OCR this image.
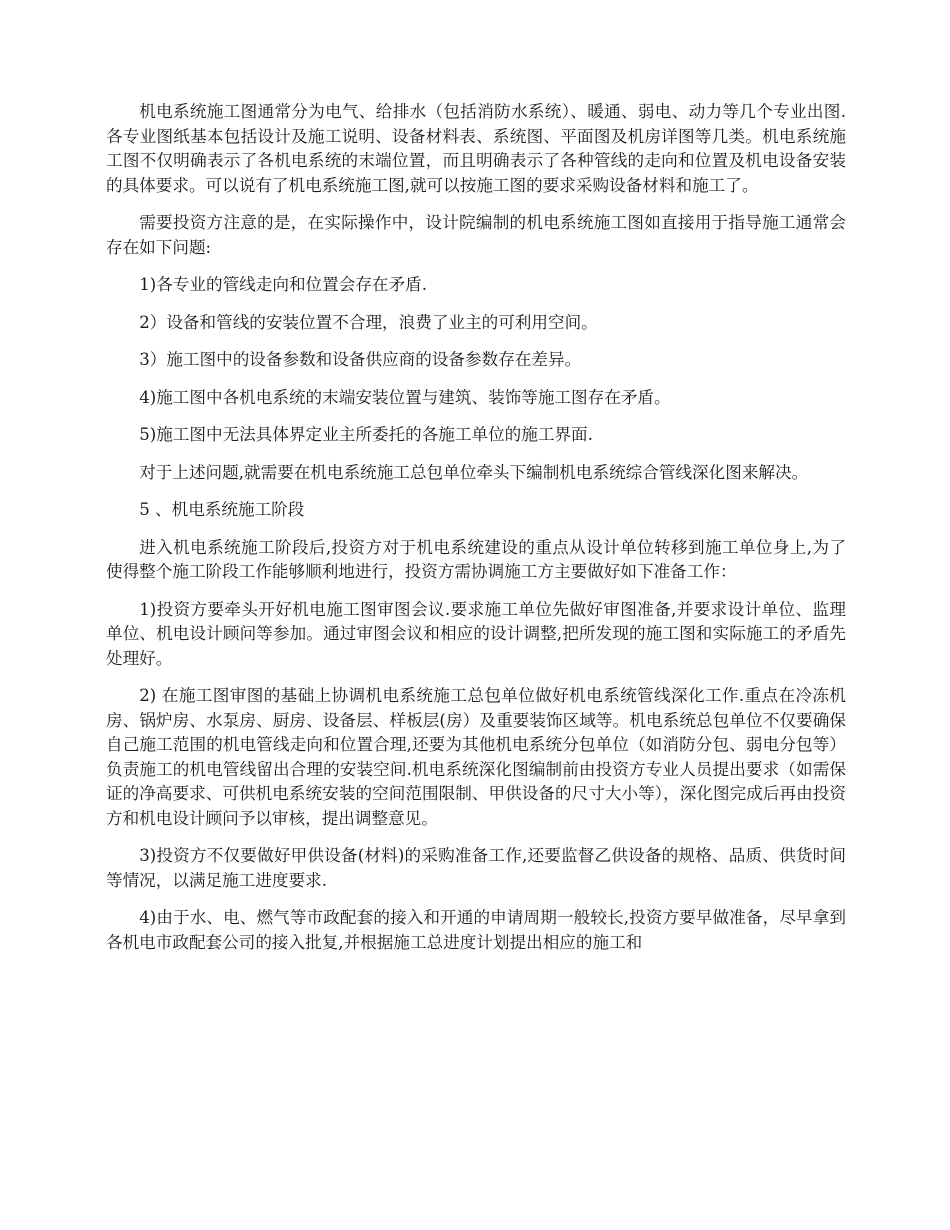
机电系统施工图通常分为电气、给排水（包括消防水系统）、暖通、弱电、动力等几个专业出图.各专业图纸基本包括设计及施工说明、设备材料表、系统图、平面图及机房详图等几类。机电系统施工图不仅明确表示了各机电系统的末端位置，而且明确表示了各种管线的走向和位置及机电设备安装的具体要求。可以说有了机电系统施工图,就可以按施工图的要求采购设备材料和施工了。

需要投资方注意的是，在实际操作中，设计院编制的机电系统施工图如直接用于指导施工通常会存在如下问题:

1)各专业的管线走向和位置会存在矛盾.

2）设备和管线的安装位置不合理，浪费了业主的可利用空间。

3）施工图中的设备参数和设备供应商的设备参数存在差异。

4)施工图中各机电系统的末端安装位置与建筑、装饰等施工图存在矛盾。

5)施工图中无法具体界定业主所委托的各施工单位的施工界面.

对于上述问题,就需要在机电系统施工总包单位牵头下编制机电系统综合管线深化图来解决。

5 、机电系统施工阶段

进入机电系统施工阶段后,投资方对于机电系统建设的重点从设计单位转移到施工单位身上,为了使得整个施工阶段工作能够顺利地进行，投资方需协调施工方主要做好如下准备工作：

1)投资方要牵头开好机电施工图审图会议.要求施工单位先做好审图准备,并要求设计单位、监理单位、机电设计顾问等参加。通过审图会议和相应的设计调整,把所发现的施工图和实际施工的矛盾先处理好。

2) 在施工图审图的基础上协调机电系统施工总包单位做好机电系统管线深化工作.重点在冷冻机房、锅炉房、水泵房、厨房、设备层、样板层(房）及重要装饰区域等。机电系统总包单位不仅要确保自己施工范围的机电管线走向和位置合理,还要为其他机电系统分包单位（如消防分包、弱电分包等）负责施工的机电管线留出合理的安装空间.机电系统深化图编制前由投资方专业人员提出要求（如需保证的净高要求、可供机电系统安装的空间范围限制、甲供设备的尺寸大小等），深化图完成后再由投资方和机电设计顾问予以审核，提出调整意见。

3)投资方不仅要做好甲供设备(材料)的采购准备工作,还要监督乙供设备的规格、品质、供货时间等情况，以满足施工进度要求.

4)由于水、电、燃气等市政配套的接入和开通的申请周期一般较长,投资方要早做准备，尽早拿到各机电市政配套公司的接入批复,并根据施工总进度计划提出相应的施工和
